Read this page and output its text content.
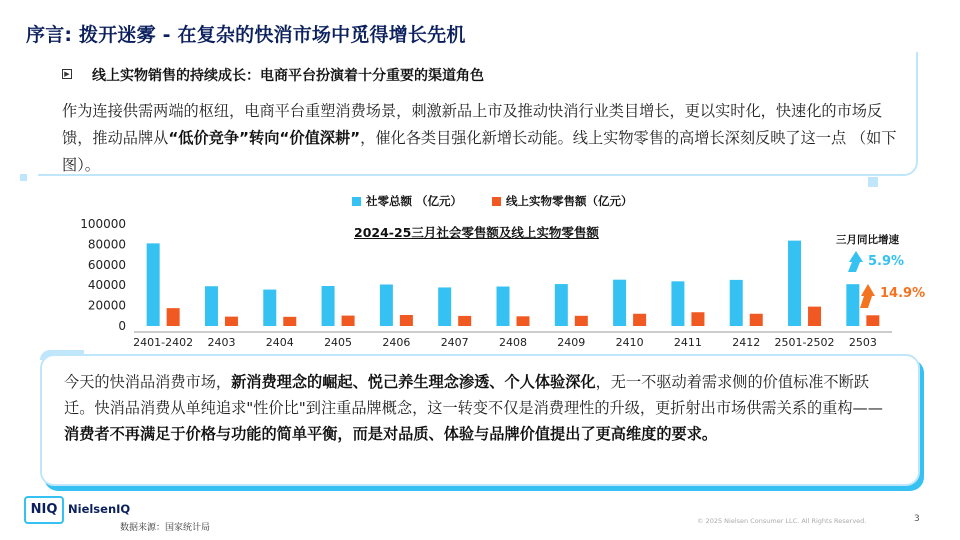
序言: 拨开迷雾 - 在复杂的快消市场中觅得增长先机
▶ 线上实物销售的持续成长：电商平台扮演着十分重要的渠道角色
作为连接供需两端的枢纽，电商平台重塑消费场景，刺激新品上市及推动快消行业类目增长，更以实时化，快速化的市场反馈，推动品牌从“低价竞争”转向“价值深耕”，催化各类目强化新增长动能。线上实物零售的高增长深刻反映了这一点 （如下图）。
社零总额 （亿元）	线上实物零售额（亿元）
2024-25三月社会零售额及线上实物零售额
100000
80000
60000
40000
20000
0
2401-2402 2403	2404	2405	2406	2407	2408	2409	2410	2411	2412 2501-2502 2503
三月同比增速
5.9%
14.9%
今天的快消品消费市场，新消费理念的崛起、悦己养生理念渗透、个人体验深化，无一不驱动着需求侧的价值标准不断跃迁。快消品消费从单纯追求"性价比"到注重品牌概念，这一转变不仅是消费理性的升级，更折射出市场供需关系的重构——消费者不再满足于价格与功能的简单平衡，而是对品质、体验与品牌价值提出了更高维度的要求。
NIQ NielsenIQ
数据来源：国家统计局
© 2025 Nielsen Consumer LLC. All Rights Reserved.	3
